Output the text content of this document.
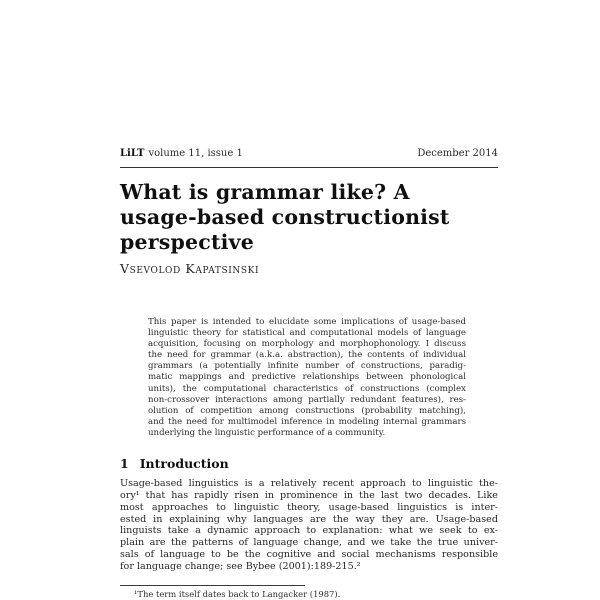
LiLT volume 11, issue 1	December 2014
What is grammar like? A
usage-based constructionist
perspective
Vsevolod Kapatsinski
This paper is intended to elucidate some implications of usage-based
linguistic theory for statistical and computational models of language
acquisition, focusing on morphology and morphophonology. I discuss
the need for grammar (a.k.a. abstraction), the contents of individual
grammars (a potentially infinite number of constructions, paradig-
matic mappings and predictive relationships between phonological
units), the computational characteristics of constructions (complex
non-crossover interactions among partially redundant features), res-
olution of competition among constructions (probability matching),
and the need for multimodel inference in modeling internal grammars
underlying the linguistic performance of a community.
1 Introduction
Usage-based linguistics is a relatively recent approach to linguistic the-
ory¹ that has rapidly risen in prominence in the last two decades. Like
most approaches to linguistic theory, usage-based linguistics is inter-
ested in explaining why languages are the way they are. Usage-based
linguists take a dynamic approach to explanation: what we seek to ex-
plain are the patterns of language change, and we take the true univer-
sals of language to be the cognitive and social mechanisms responsible
for language change; see Bybee (2001):189-215.²
¹The term itself dates back to Langacker (1987).
